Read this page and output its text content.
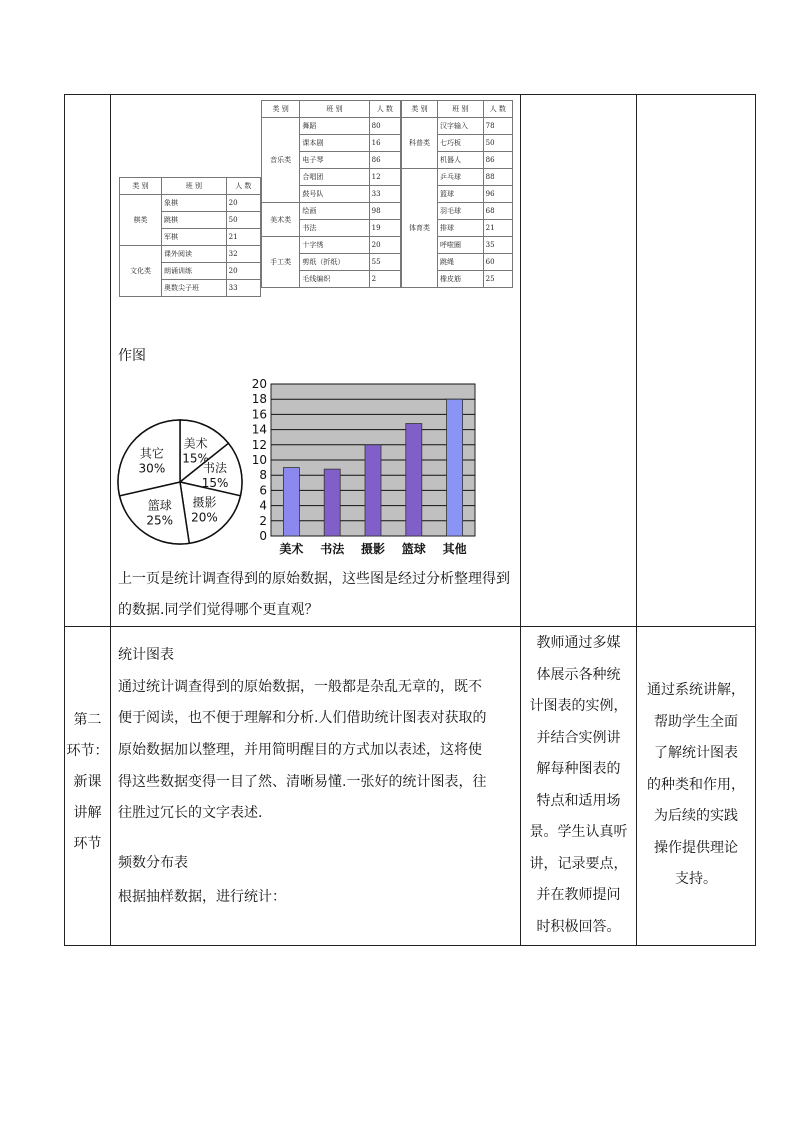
类 别	班 别	人 数
棋类	象棋	20
	跳棋	50
	军棋	21
文化类	课外阅读	32
	朗诵训练	20
	奥数尖子班	33
类 别	班 别	人 数
音乐类	舞蹈	80
	课本剧	16
	电子琴	86
	合唱团	12
	鼓号队	33
美术类	绘画	98
	书法	19
手工类	十字绣	20
	剪纸（折纸）	55
	毛线编织	2
类 别	班 别	人 数
科普类	汉字输入	78
	七巧板	50
	机器人	86
体育类	乒乓球	88
	篮球	96
	羽毛球	68
	排球	21
	呼啦圈	35
	跳绳	60
	橡皮筋	25
作图
美术
15%
书法
15%
摄影
20%
篮球
25%
其它
30%
0
2
4
6
8
10
12
14
16
18
20
美术 书法 摄影 篮球 其他
上一页是统计调查得到的原始数据，这些图是经过分析整理得到
的数据.同学们觉得哪个更直观？
第二
环节：
新课
讲解
环节
统计图表
通过统计调查得到的原始数据，一般都是杂乱无章的，既不
便于阅读，也不便于理解和分析.人们借助统计图表对获取的
原始数据加以整理，并用简明醒目的方式加以表述，这将使
得这些数据变得一目了然、清晰易懂.一张好的统计图表，往
往胜过冗长的文字表述.
频数分布表
根据抽样数据，进行统计：
教师通过多媒
体展示各种统
计图表的实例，
并结合实例讲
解每种图表的
特点和适用场
景。学生认真听
讲，记录要点，
并在教师提问
时积极回答。
通过系统讲解，
帮助学生全面
了解统计图表
的种类和作用，
为后续的实践
操作提供理论
支持。
